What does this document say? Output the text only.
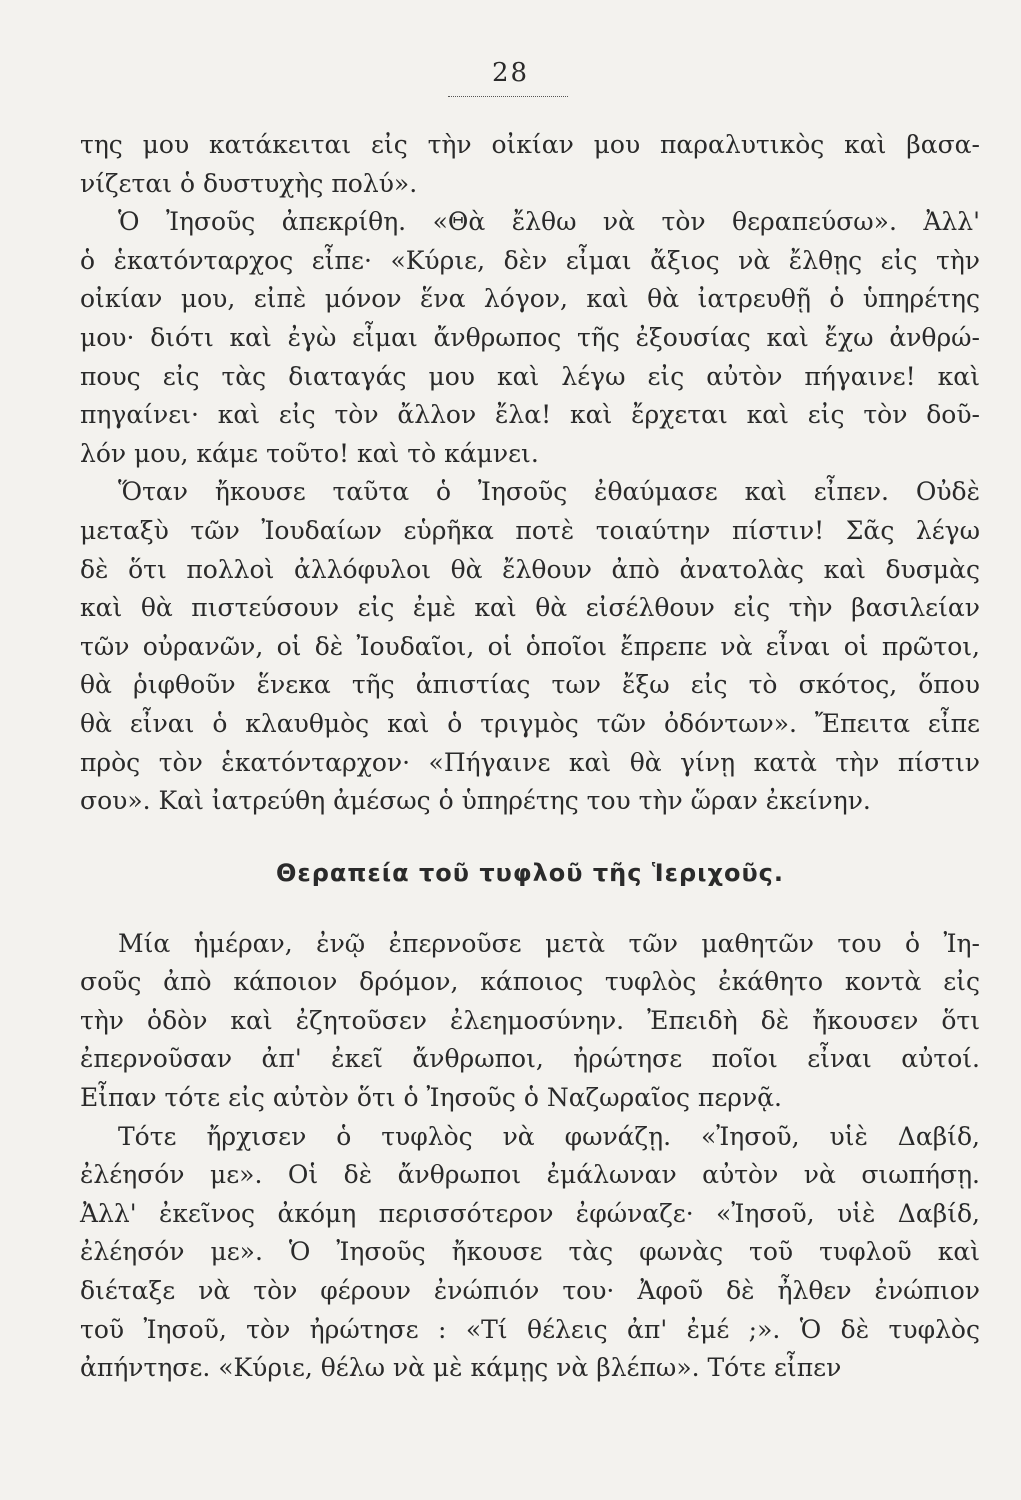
28
της μου κατάκειται εἰς τὴν οἰκίαν μου παραλυτικὸς καὶ βασα-
νίζεται ὁ δυστυχὴς πολύ».
Ὁ Ἰησοῦς ἀπεκρίθη. «Θὰ ἔλθω νὰ τὸν θεραπεύσω». Ἀλλ'
ὁ ἑκατόνταρχος εἶπε· «Κύριε, δὲν εἶμαι ἄξιος νὰ ἔλθῃς εἰς τὴν
οἰκίαν μου, εἰπὲ μόνον ἕνα λόγον, καὶ θὰ ἰατρευθῇ ὁ ὑπηρέτης
μου· διότι καὶ ἐγὼ εἶμαι ἄνθρωπος τῆς ἐξουσίας καὶ ἔχω ἀνθρώ-
πους εἰς τὰς διαταγάς μου καὶ λέγω εἰς αὐτὸν πήγαινε! καὶ
πηγαίνει· καὶ εἰς τὸν ἄλλον ἔλα! καὶ ἔρχεται καὶ εἰς τὸν δοῦ-
λόν μου, κάμε τοῦτο! καὶ τὸ κάμνει.
Ὅταν ἤκουσε ταῦτα ὁ Ἰησοῦς ἐθαύμασε καὶ εἶπεν. Οὐδὲ
μεταξὺ τῶν Ἰουδαίων εὑρῆκα ποτὲ τοιαύτην πίστιν! Σᾶς λέγω
δὲ ὅτι πολλοὶ ἀλλόφυλοι θὰ ἔλθουν ἀπὸ ἀνατολὰς καὶ δυσμὰς
καὶ θὰ πιστεύσουν εἰς ἐμὲ καὶ θὰ εἰσέλθουν εἰς τὴν βασιλείαν
τῶν οὐρανῶν, οἱ δὲ Ἰουδαῖοι, οἱ ὁποῖοι ἔπρεπε νὰ εἶναι οἱ πρῶτοι,
θὰ ῥιφθοῦν ἕνεκα τῆς ἀπιστίας των ἔξω εἰς τὸ σκότος, ὅπου
θὰ εἶναι ὁ κλαυθμὸς καὶ ὁ τριγμὸς τῶν ὀδόντων». Ἔπειτα εἶπε
πρὸς τὸν ἑκατόνταρχον· «Πήγαινε καὶ θὰ γίνῃ κατὰ τὴν πίστιν
σου». Καὶ ἰατρεύθη ἀμέσως ὁ ὑπηρέτης του τὴν ὥραν ἐκείνην.
Θεραπεία τοῦ τυφλοῦ τῆς Ἱεριχοῦς.
Μία ἡμέραν, ἐνῷ ἐπερνοῦσε μετὰ τῶν μαθητῶν του ὁ Ἰη-
σοῦς ἀπὸ κάποιον δρόμον, κάποιος τυφλὸς ἐκάθητο κοντὰ εἰς
τὴν ὁδὸν καὶ ἐζητοῦσεν ἐλεημοσύνην. Ἐπειδὴ δὲ ἤκουσεν ὅτι
ἐπερνοῦσαν ἀπ' ἐκεῖ ἄνθρωποι, ἠρώτησε ποῖοι εἶναι αὐτοί.
Εἶπαν τότε εἰς αὐτὸν ὅτι ὁ Ἰησοῦς ὁ Ναζωραῖος περνᾷ.
Τότε ἤρχισεν ὁ τυφλὸς νὰ φωνάζῃ. «Ἰησοῦ, υἱὲ Δαβίδ,
ἐλέησόν με». Οἱ δὲ ἄνθρωποι ἐμάλωναν αὐτὸν νὰ σιωπήσῃ.
Ἀλλ' ἐκεῖνος ἀκόμη περισσότερον ἐφώναζε· «Ἰησοῦ, υἱὲ Δαβίδ,
ἐλέησόν με». Ὁ Ἰησοῦς ἤκουσε τὰς φωνὰς τοῦ τυφλοῦ καὶ
διέταξε νὰ τὸν φέρουν ἐνώπιόν του· Ἀφοῦ δὲ ἦλθεν ἐνώπιον
τοῦ Ἰησοῦ, τὸν ἠρώτησε : «Τί θέλεις ἀπ' ἐμέ ;». Ὁ δὲ τυφλὸς
ἀπήντησε. «Κύριε, θέλω νὰ μὲ κάμῃς νὰ βλέπω». Τότε εἶπεν
